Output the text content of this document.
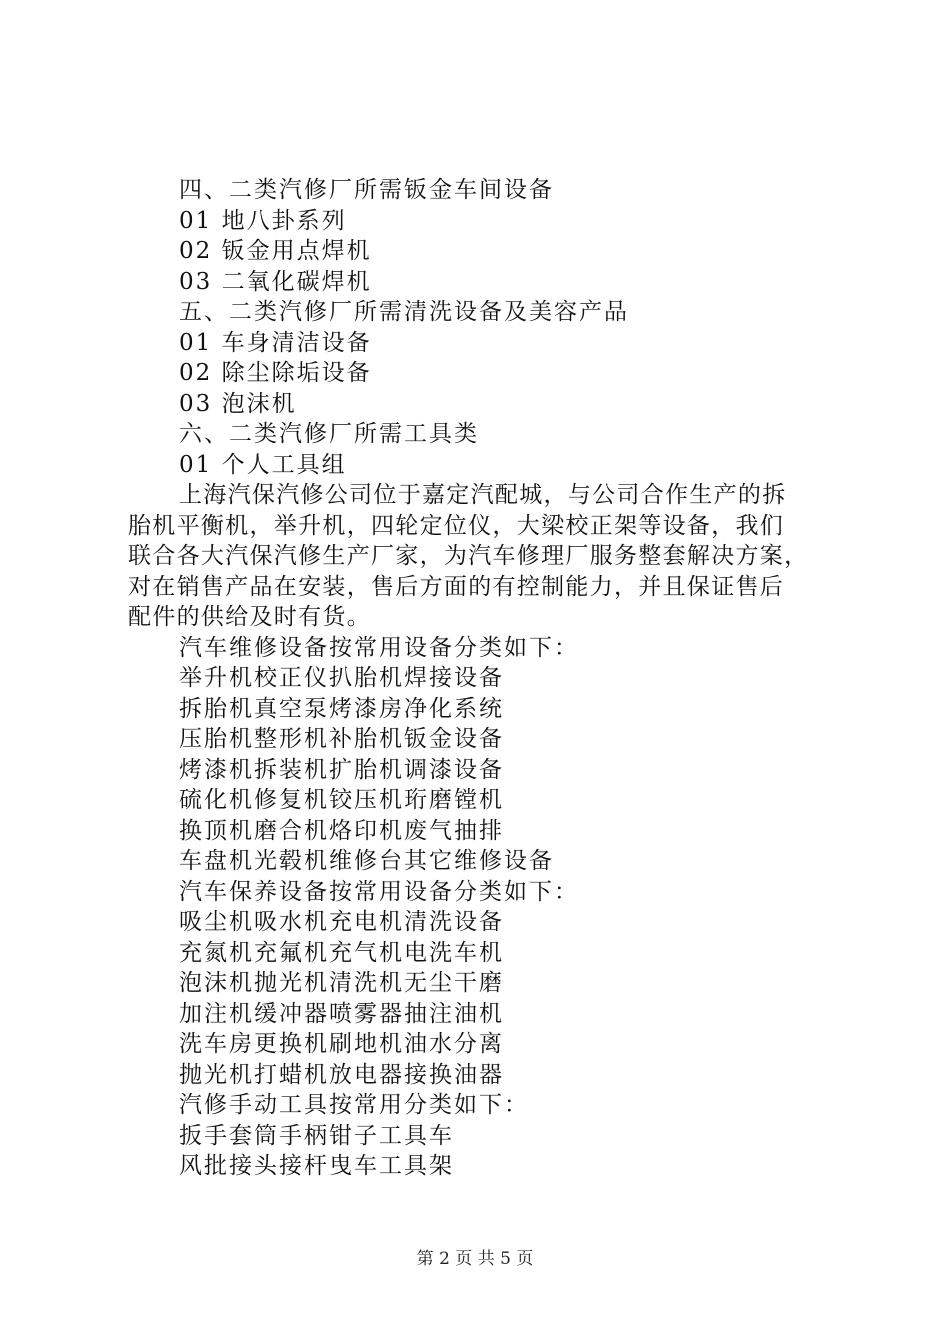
四、二类汽修厂所需钣金车间设备
01 地八卦系列
02 钣金用点焊机
03 二氧化碳焊机
五、二类汽修厂所需清洗设备及美容产品
01 车身清洁设备
02 除尘除垢设备
03 泡沫机
六、二类汽修厂所需工具类
01 个人工具组
上海汽保汽修公司位于嘉定汽配城，与公司合作生产的拆
胎机平衡机，举升机，四轮定位仪，大梁校正架等设备，我们
联合各大汽保汽修生产厂家，为汽车修理厂服务整套解决方案，
对在销售产品在安装，售后方面的有控制能力，并且保证售后
配件的供给及时有货。
汽车维修设备按常用设备分类如下：
举升机校正仪扒胎机焊接设备
拆胎机真空泵烤漆房净化系统
压胎机整形机补胎机钣金设备
烤漆机拆装机扩胎机调漆设备
硫化机修复机铰压机珩磨镗机
换顶机磨合机烙印机废气抽排
车盘机光毂机维修台其它维修设备
汽车保养设备按常用设备分类如下：
吸尘机吸水机充电机清洗设备
充氮机充氟机充气机电洗车机
泡沫机抛光机清洗机无尘干磨
加注机缓冲器喷雾器抽注油机
洗车房更换机刷地机油水分离
抛光机打蜡机放电器接换油器
汽修手动工具按常用分类如下：
扳手套筒手柄钳子工具车
风批接头接杆曳车工具架
第 2 页 共 5 页
